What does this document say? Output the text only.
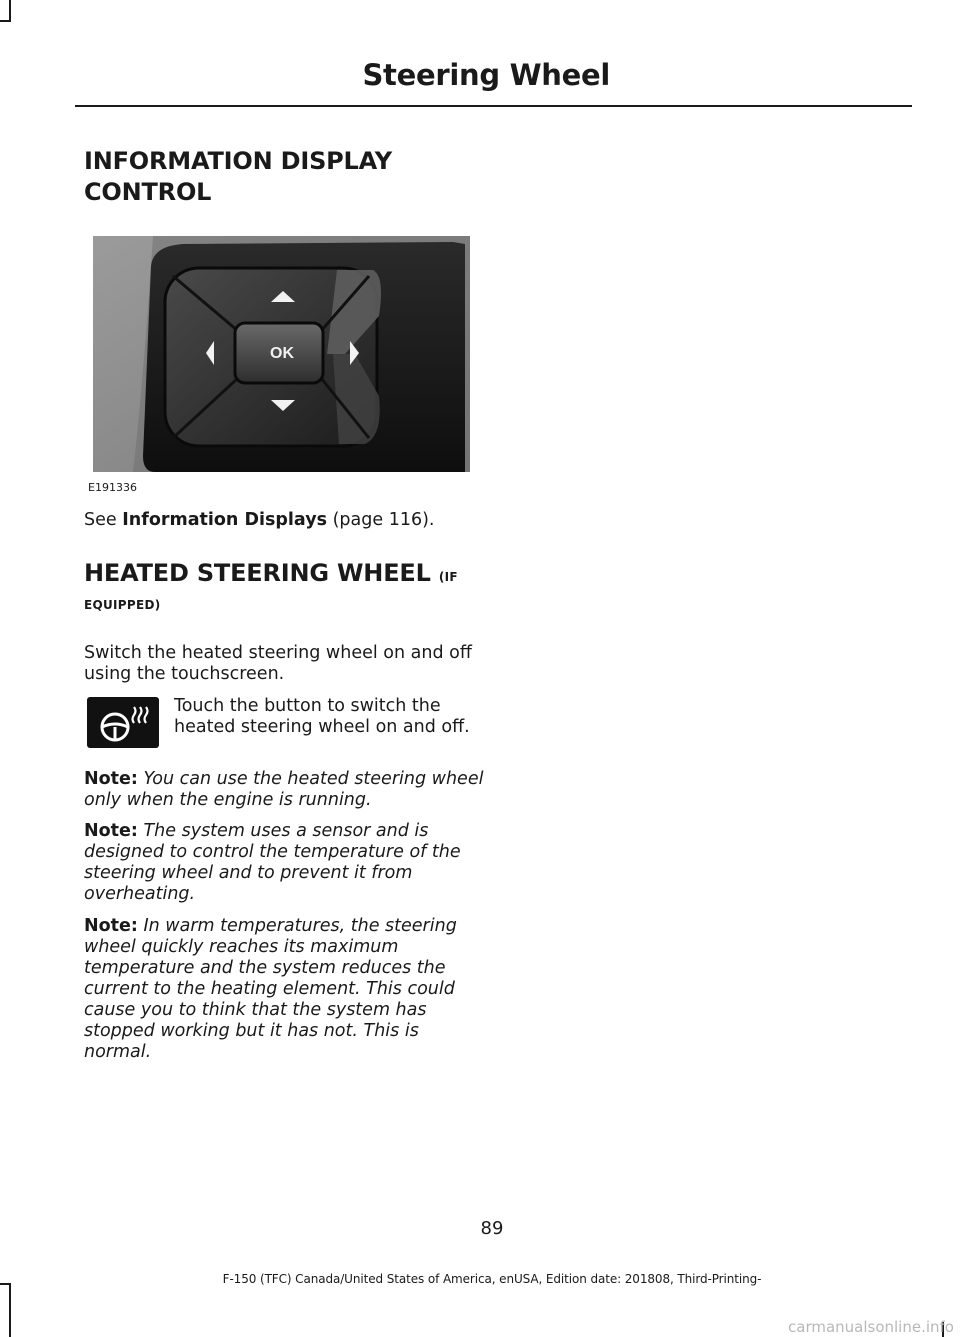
Steering Wheel
INFORMATION DISPLAY CONTROL
OK
E191336
See Information Displays (page 116).
HEATED STEERING WHEEL (IF
EQUIPPED)
Switch the heated steering wheel on and off using the touchscreen.
Touch the button to switch the heated steering wheel on and off.
Note: You can use the heated steering wheel only when the engine is running.
Note: The system uses a sensor and is designed to control the temperature of the steering wheel and to prevent it from overheating.
Note: In warm temperatures, the steering wheel quickly reaches its maximum temperature and the system reduces the current to the heating element. This could cause you to think that the system has stopped working but it has not. This is normal.
89
F-150 (TFC) Canada/United States of America, enUSA, Edition date: 201808, Third-Printing-
carmanualsonline.info
